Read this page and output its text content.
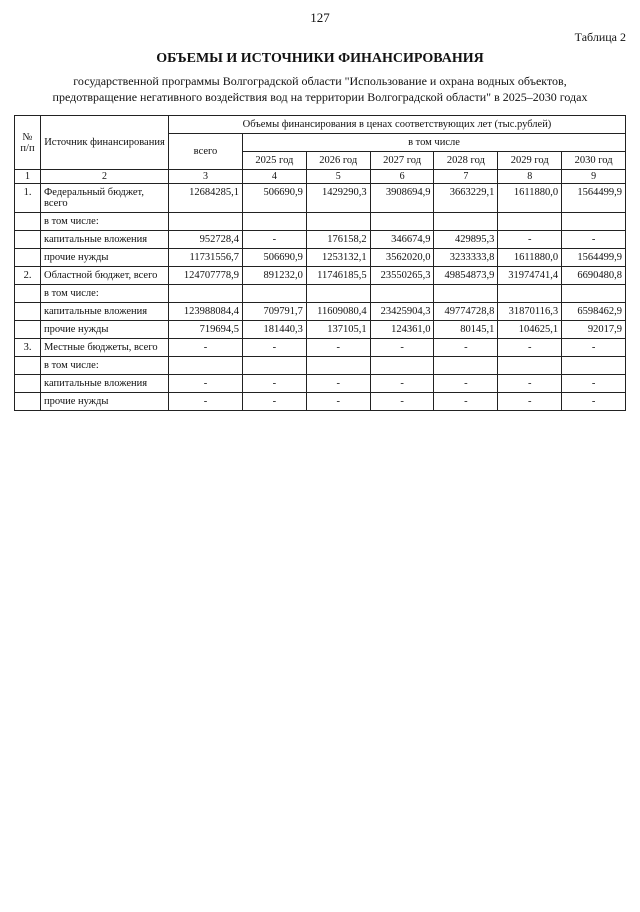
127
Таблица 2
ОБЪЕМЫ И ИСТОЧНИКИ ФИНАНСИРОВАНИЯ
государственной программы Волгоградской области "Использование и охрана водных объектов,
предотвращение негативного воздействия вод на территории Волгоградской области" в 2025–2030 годах
№ п/п	Источник финансирования	Объемы финансирования в ценах соответствующих лет (тыс.рублей)						
		всего	в том числе					
			2025 год	2026 год	2027 год	2028 год	2029 год	2030 год
1	2	3	4	5	6	7	8	9
1.	Федеральный бюджет, всего	12684285,1	506690,9	1429290,3	3908694,9	3663229,1	1611880,0	1564499,9
	в том числе:							
	капитальные вложения	952728,4	-	176158,2	346674,9	429895,3	-	-
	прочие нужды	11731556,7	506690,9	1253132,1	3562020,0	3233333,8	1611880,0	1564499,9
2.	Областной бюджет, всего	124707778,9	891232,0	11746185,5	23550265,3	49854873,9	31974741,4	6690480,8
	в том числе:							
	капитальные вложения	123988084,4	709791,7	11609080,4	23425904,3	49774728,8	31870116,3	6598462,9
	прочие нужды	719694,5	181440,3	137105,1	124361,0	80145,1	104625,1	92017,9
3.	Местные бюджеты, всего	-	-	-	-	-	-	-
	в том числе:							
	капитальные вложения	-	-	-	-	-	-	-
	прочие нужды	-	-	-	-	-	-	-
